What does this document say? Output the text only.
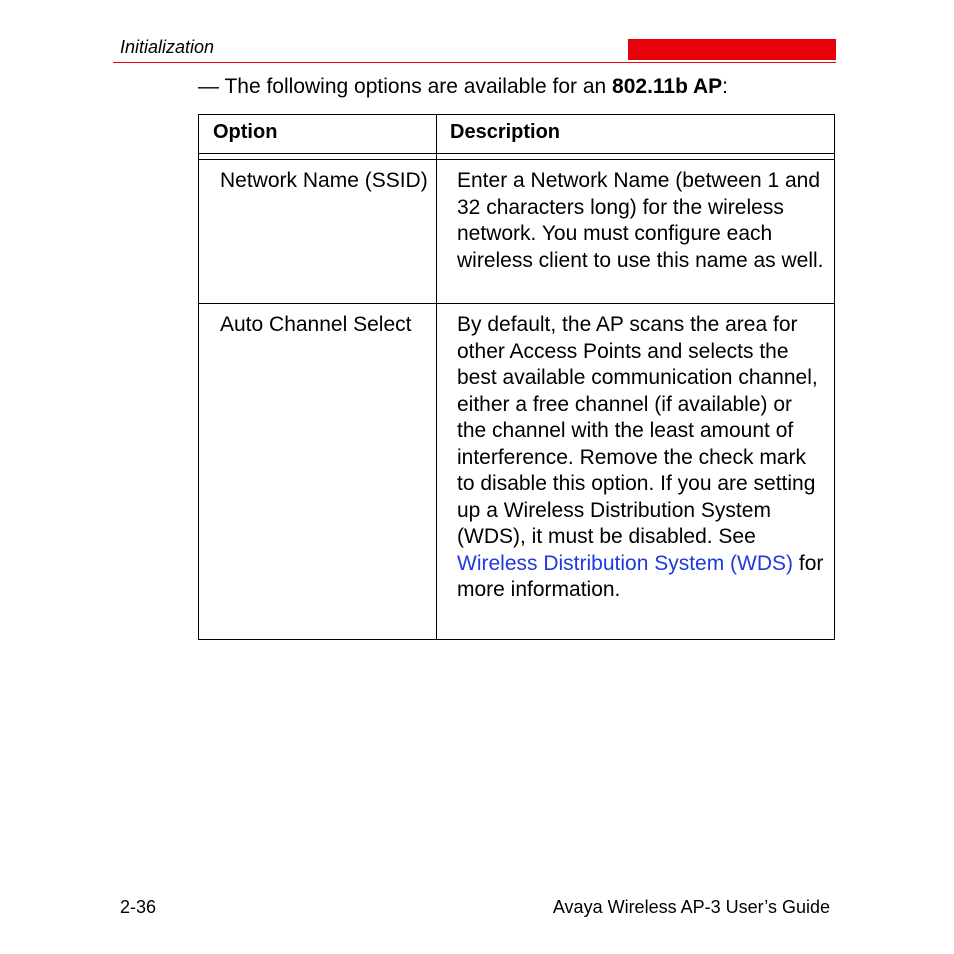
Initialization
— The following options are available for an 802.11b AP:
Option	Description
Network Name (SSID)	Enter a Network Name (between 1 and 32 characters long) for the wireless network. You must configure each wireless client to use this name as well.
Auto Channel Select	By default, the AP scans the area for other Access Points and selects the best available communication channel, either a free channel (if available) or the channel with the least amount of interference. Remove the check mark to disable this option. If you are setting up a Wireless Distribution System (WDS), it must be disabled. See Wireless Distribution System (WDS) for more information.
2-36	Avaya Wireless AP-3 User’s Guide
